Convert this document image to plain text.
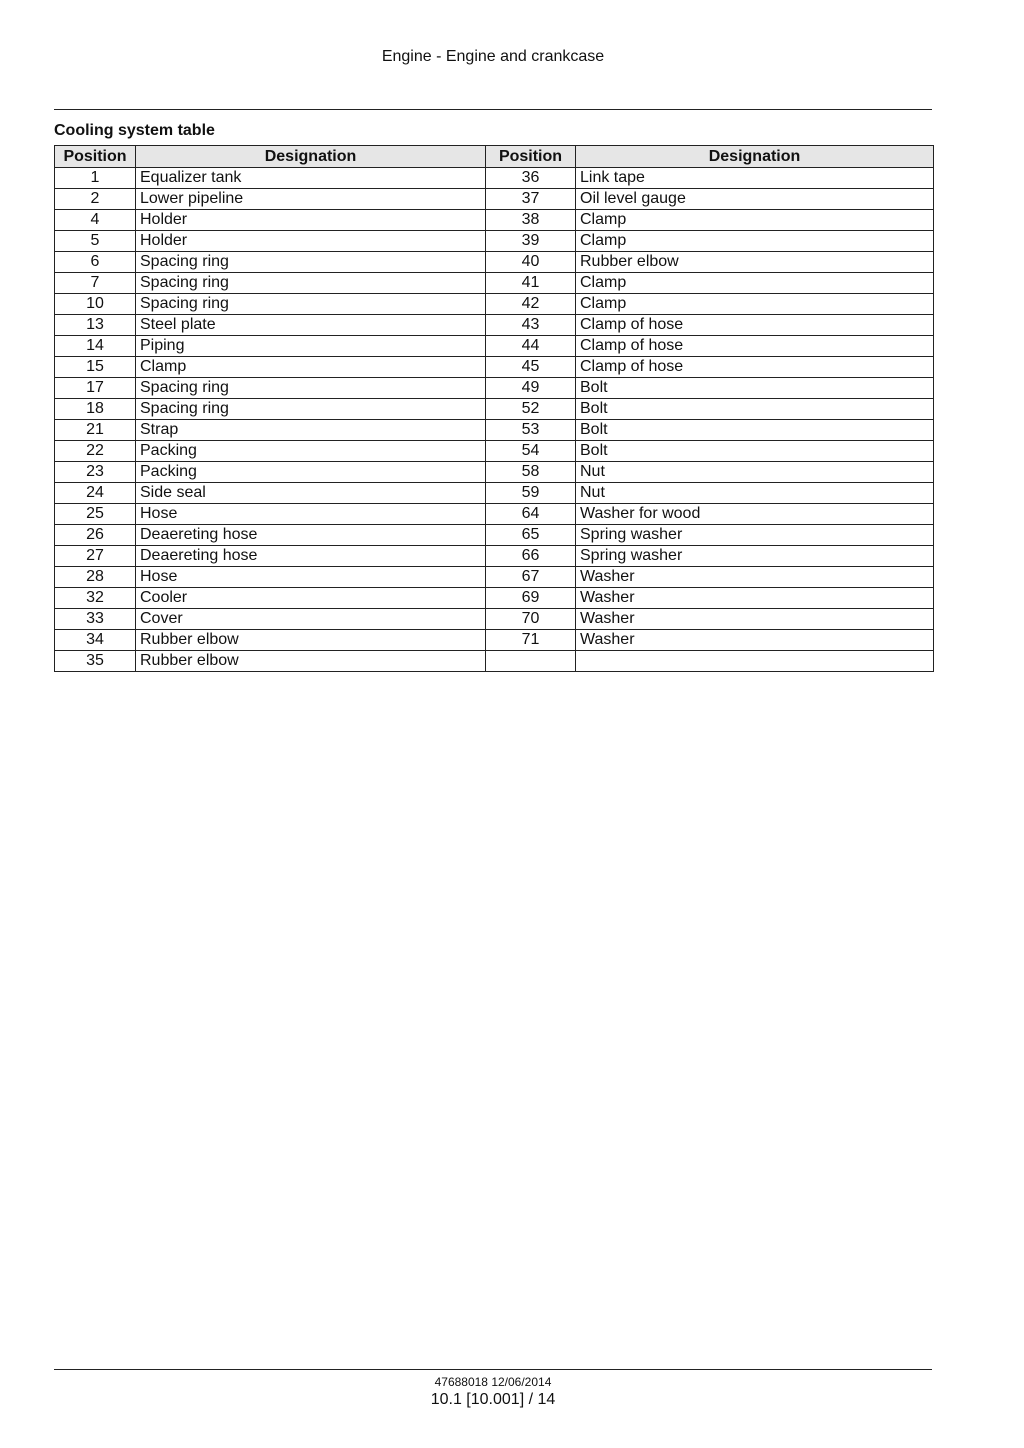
Engine - Engine and crankcase
Cooling system table
Position	Designation	Position	Designation
1	Equalizer tank	36	Link tape
2	Lower pipeline	37	Oil level gauge
4	Holder	38	Clamp
5	Holder	39	Clamp
6	Spacing ring	40	Rubber elbow
7	Spacing ring	41	Clamp
10	Spacing ring	42	Clamp
13	Steel plate	43	Clamp of hose
14	Piping	44	Clamp of hose
15	Clamp	45	Clamp of hose
17	Spacing ring	49	Bolt
18	Spacing ring	52	Bolt
21	Strap	53	Bolt
22	Packing	54	Bolt
23	Packing	58	Nut
24	Side seal	59	Nut
25	Hose	64	Washer for wood
26	Deaereting hose	65	Spring washer
27	Deaereting hose	66	Spring washer
28	Hose	67	Washer
32	Cooler	69	Washer
33	Cover	70	Washer
34	Rubber elbow	71	Washer
35	Rubber elbow		
47688018 12/06/2014
10.1 [10.001] / 14
